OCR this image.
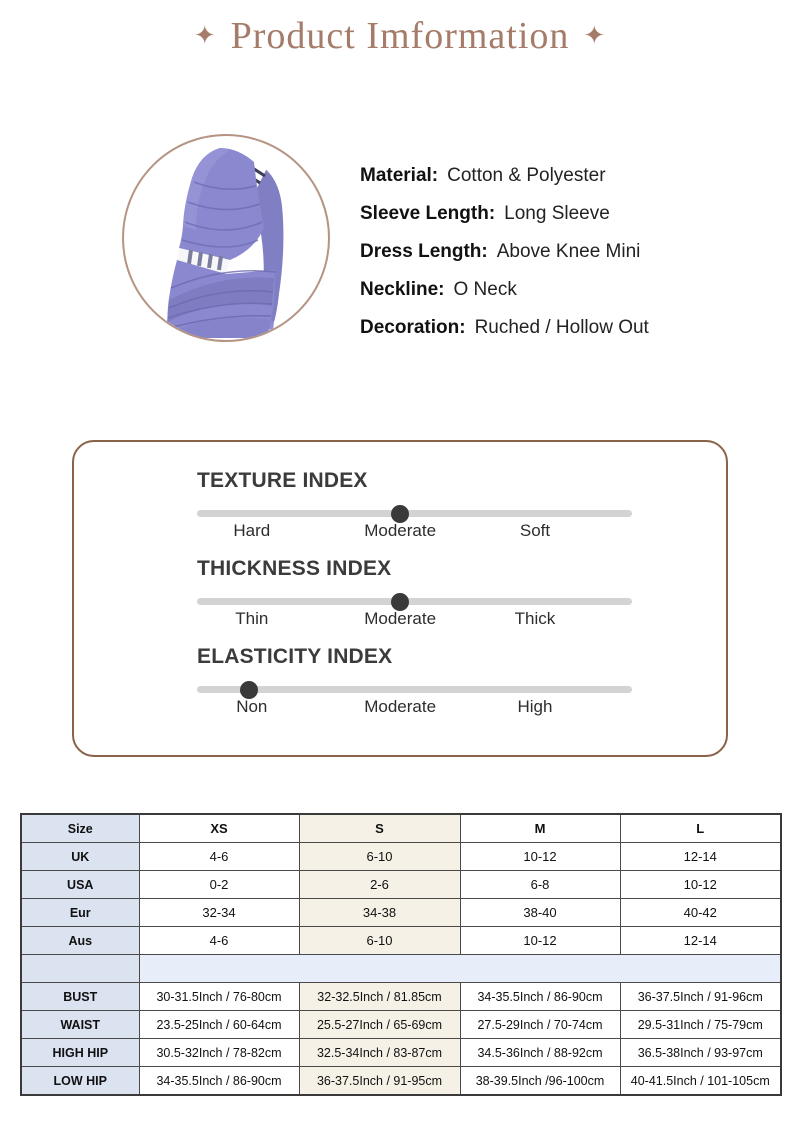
✦ Product Imformation ✦
Material: Cotton & Polyester
Sleeve Length: Long Sleeve
Dress Length: Above Knee Mini
Neckline: O Neck
Decoration: Ruched / Hollow Out
TEXTURE INDEX
Hard	Moderate	Soft
THICKNESS INDEX
Thin	Moderate	Thick
ELASTICITY INDEX
Non	Moderate	High
Size	XS	S	M	L
UK	4-6	6-10	10-12	12-14
USA	0-2	2-6	6-8	10-12
Eur	32-34	34-38	38-40	40-42
Aus	4-6	6-10	10-12	12-14

BUST	30-31.5Inch / 76-80cm	32-32.5Inch / 81.85cm	34-35.5Inch / 86-90cm	36-37.5Inch / 91-96cm
WAIST	23.5-25Inch / 60-64cm	25.5-27Inch / 65-69cm	27.5-29Inch / 70-74cm	29.5-31Inch / 75-79cm
HIGH HIP	30.5-32Inch / 78-82cm	32.5-34Inch / 83-87cm	34.5-36Inch / 88-92cm	36.5-38Inch / 93-97cm
LOW HIP	34-35.5Inch / 86-90cm	36-37.5Inch / 91-95cm	38-39.5Inch /96-100cm	40-41.5Inch / 101-105cm
